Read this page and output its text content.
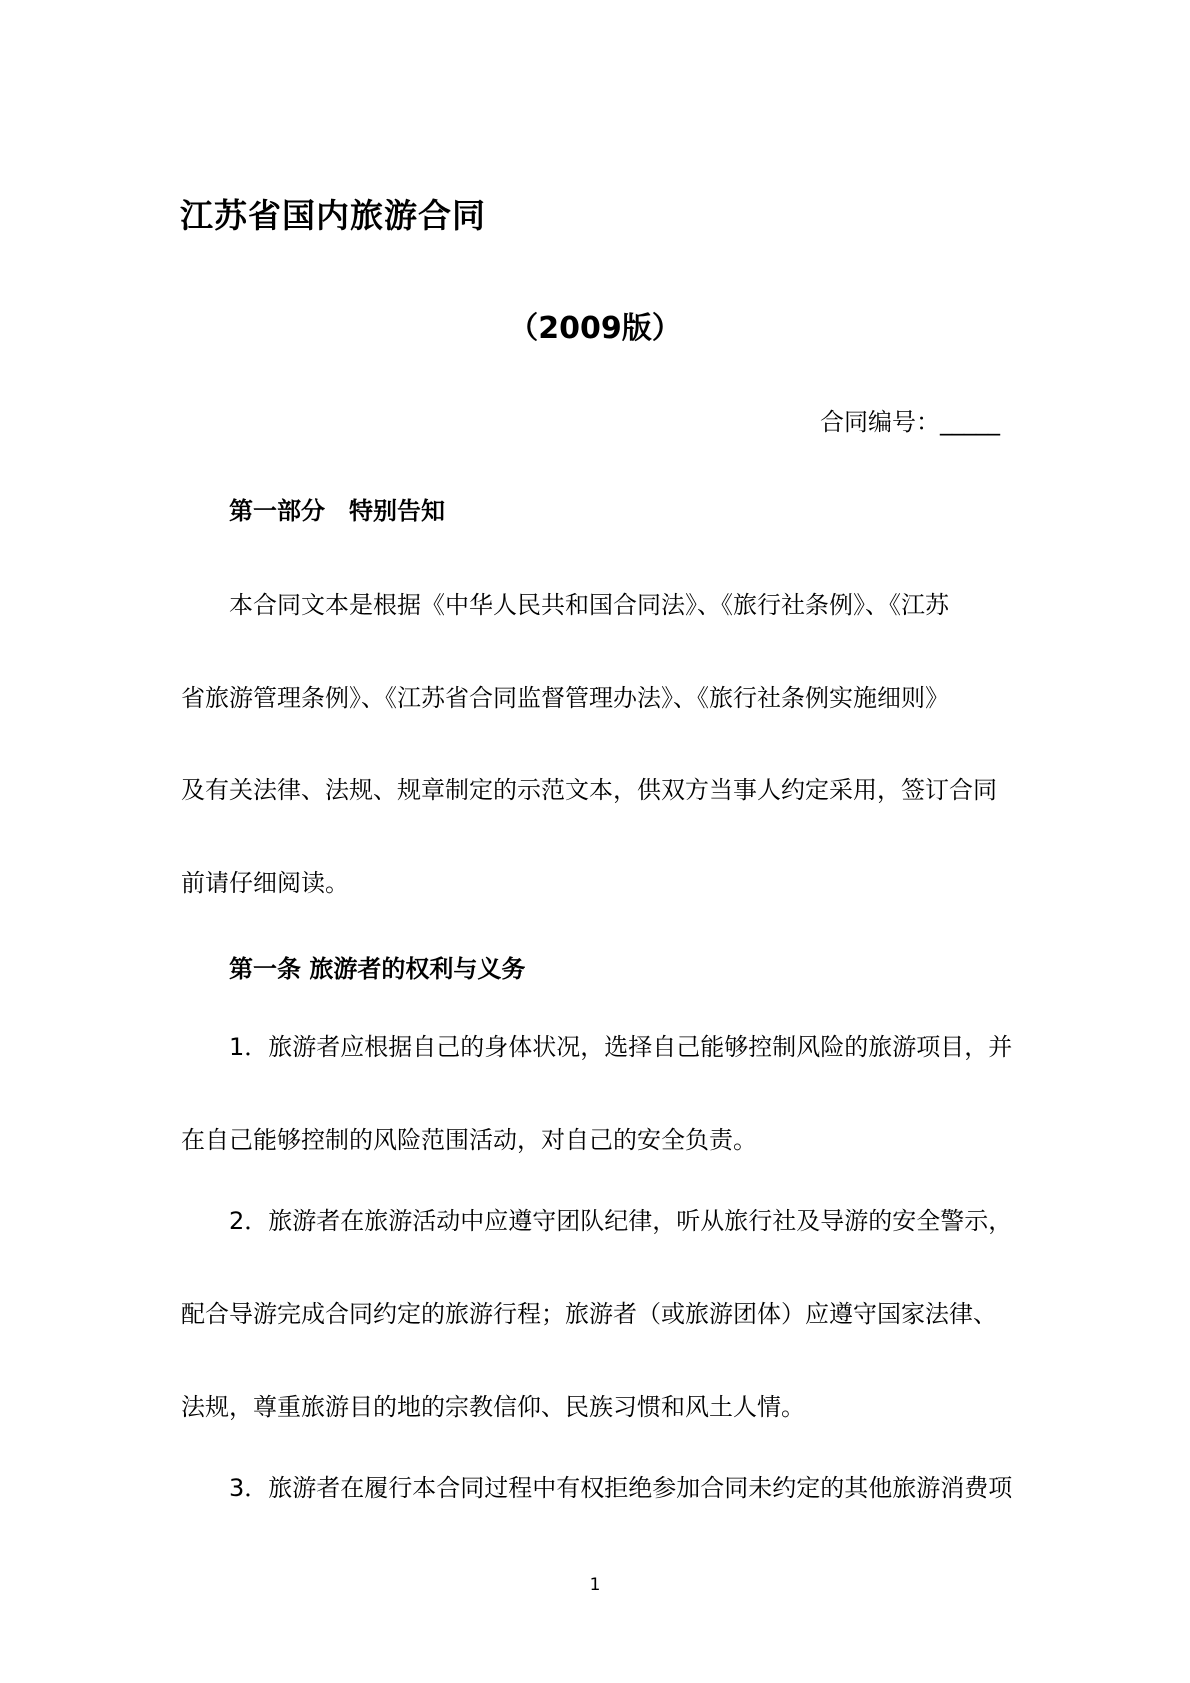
江苏省国内旅游合同
（2009版）
合同编号：_____
第一部分　特别告知
本合同文本是根据《中华人民共和国合同法》、《旅行社条例》、《江苏
省旅游管理条例》、《江苏省合同监督管理办法》、《旅行社条例实施细则》
及有关法律、法规、规章制定的示范文本，供双方当事人约定采用，签订合同
前请仔细阅读。
第一条 旅游者的权利与义务
1．旅游者应根据自己的身体状况，选择自己能够控制风险的旅游项目，并
在自己能够控制的风险范围活动，对自己的安全负责。
2．旅游者在旅游活动中应遵守团队纪律，听从旅行社及导游的安全警示，
配合导游完成合同约定的旅游行程；旅游者（或旅游团体）应遵守国家法律、
法规，尊重旅游目的地的宗教信仰、民族习惯和风土人情。
3．旅游者在履行本合同过程中有权拒绝参加合同未约定的其他旅游消费项
1
